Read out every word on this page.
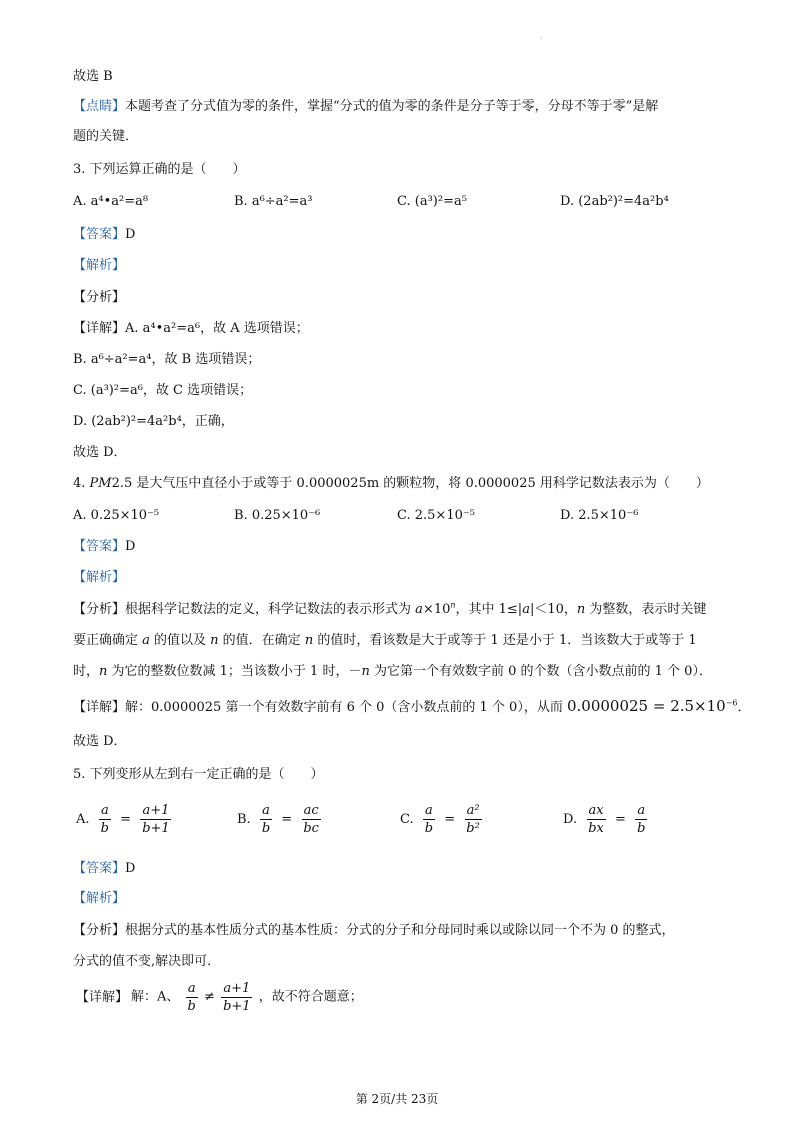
·
故选 B
【点睛】本题考查了分式值为零的条件，掌握“分式的值为零的条件是分子等于零，分母不等于零”是解
题的关键．
3. 下列运算正确的是（　　）
A. a⁴•a²=a⁸	B. a⁶÷a²=a³	C. (a³)²=a⁵	D. (2ab²)²=4a²b⁴
【答案】D
【解析】
【分析】
【详解】A. a⁴•a²=a⁶，故 A 选项错误；
B. a⁶÷a²=a⁴，故 B 选项错误；
C. (a³)²=a⁶，故 C 选项错误；
D. (2ab²)²=4a²b⁴，正确，
故选 D．
4. PM2.5 是大气压中直径小于或等于 0.0000025m 的颗粒物，将 0.0000025 用科学记数法表示为（　　）
A. 0.25×10⁻⁵	B. 0.25×10⁻⁶	C. 2.5×10⁻⁵	D. 2.5×10⁻⁶
【答案】D
【解析】
【分析】根据科学记数法的定义，科学记数法的表示形式为 $a\times 10^n$，其中 1≤|a|＜10，n 为整数，表示时关键
要正确确定 a 的值以及 n 的值．在确定 n 的值时，看该数是大于或等于 1 还是小于 1．当该数大于或等于 1
时，n 为它的整数位数减 1；当该数小于 1 时，－n 为它第一个有效数字前 0 的个数（含小数点前的 1 个 0）．
【详解】解：0.0000025 第一个有效数字前有 6 个 0（含小数点前的 1 个 0），从而 $0.0000025 = 2.5\times 10^{-6}$．
故选 D．
5. 下列变形从左到右一定正确的是（　　）
A. $\frac{a}{b} = \frac{a+1}{b+1}$	B. $\frac{a}{b} = \frac{ac}{bc}$	C. $\frac{a}{b} = \frac{\text{a²}}{\text{b²}}$	D. $\frac{ax}{bx} = \frac{a}{b}$
【答案】D
【解析】
【分析】根据分式的基本性质分式的基本性质：分式的分子和分母同时乘以或除以同一个不为 0 的整式，
分式的值不变,解决即可．
【详解】 解：A、 $\frac{a}{b} \ne \frac{a+1}{b+1}$ ，故不符合题意；
第 2页/共 23页
